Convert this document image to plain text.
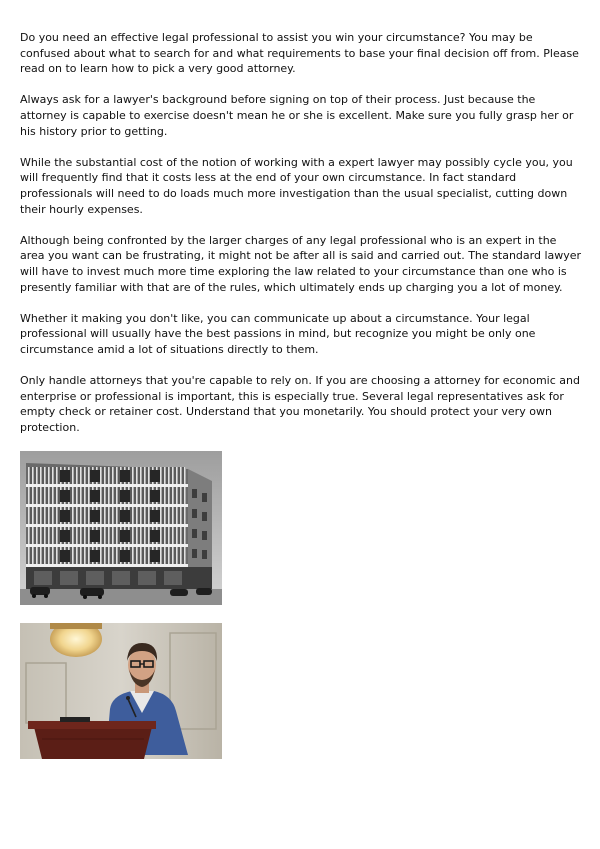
Do you need an effective legal professional to assist you win your circumstance? You may be confused about what to search for and what requirements to base your final decision off from. Please read on to learn how to pick a very good attorney.

Always ask for a lawyer's background before signing on top of their process. Just because the attorney is capable to exercise doesn't mean he or she is excellent. Make sure you fully grasp her or his history prior to getting.

While the substantial cost of the notion of working with a expert lawyer may possibly cycle you, you will frequently find that it costs less at the end of your own circumstance. In fact standard professionals will need to do loads much more investigation than the usual specialist, cutting down their hourly expenses.

Although being confronted by the larger charges of any legal professional who is an expert in the area you want can be frustrating, it might not be after all is said and carried out. The standard lawyer will have to invest much more time exploring the law related to your circumstance than one who is presently familiar with that are of the rules, which ultimately ends up charging you a lot of money.

Whether it making you don't like, you can communicate up about a circumstance. Your legal professional will usually have the best passions in mind, but recognize you might be only one circumstance amid a lot of situations directly to them.

Only handle attorneys that you're capable to rely on. If you are choosing a attorney for economic and enterprise or professional is important, this is especially true. Several legal representatives ask for empty check or retainer cost. Understand that you monetarily. You should protect your very own protection.
